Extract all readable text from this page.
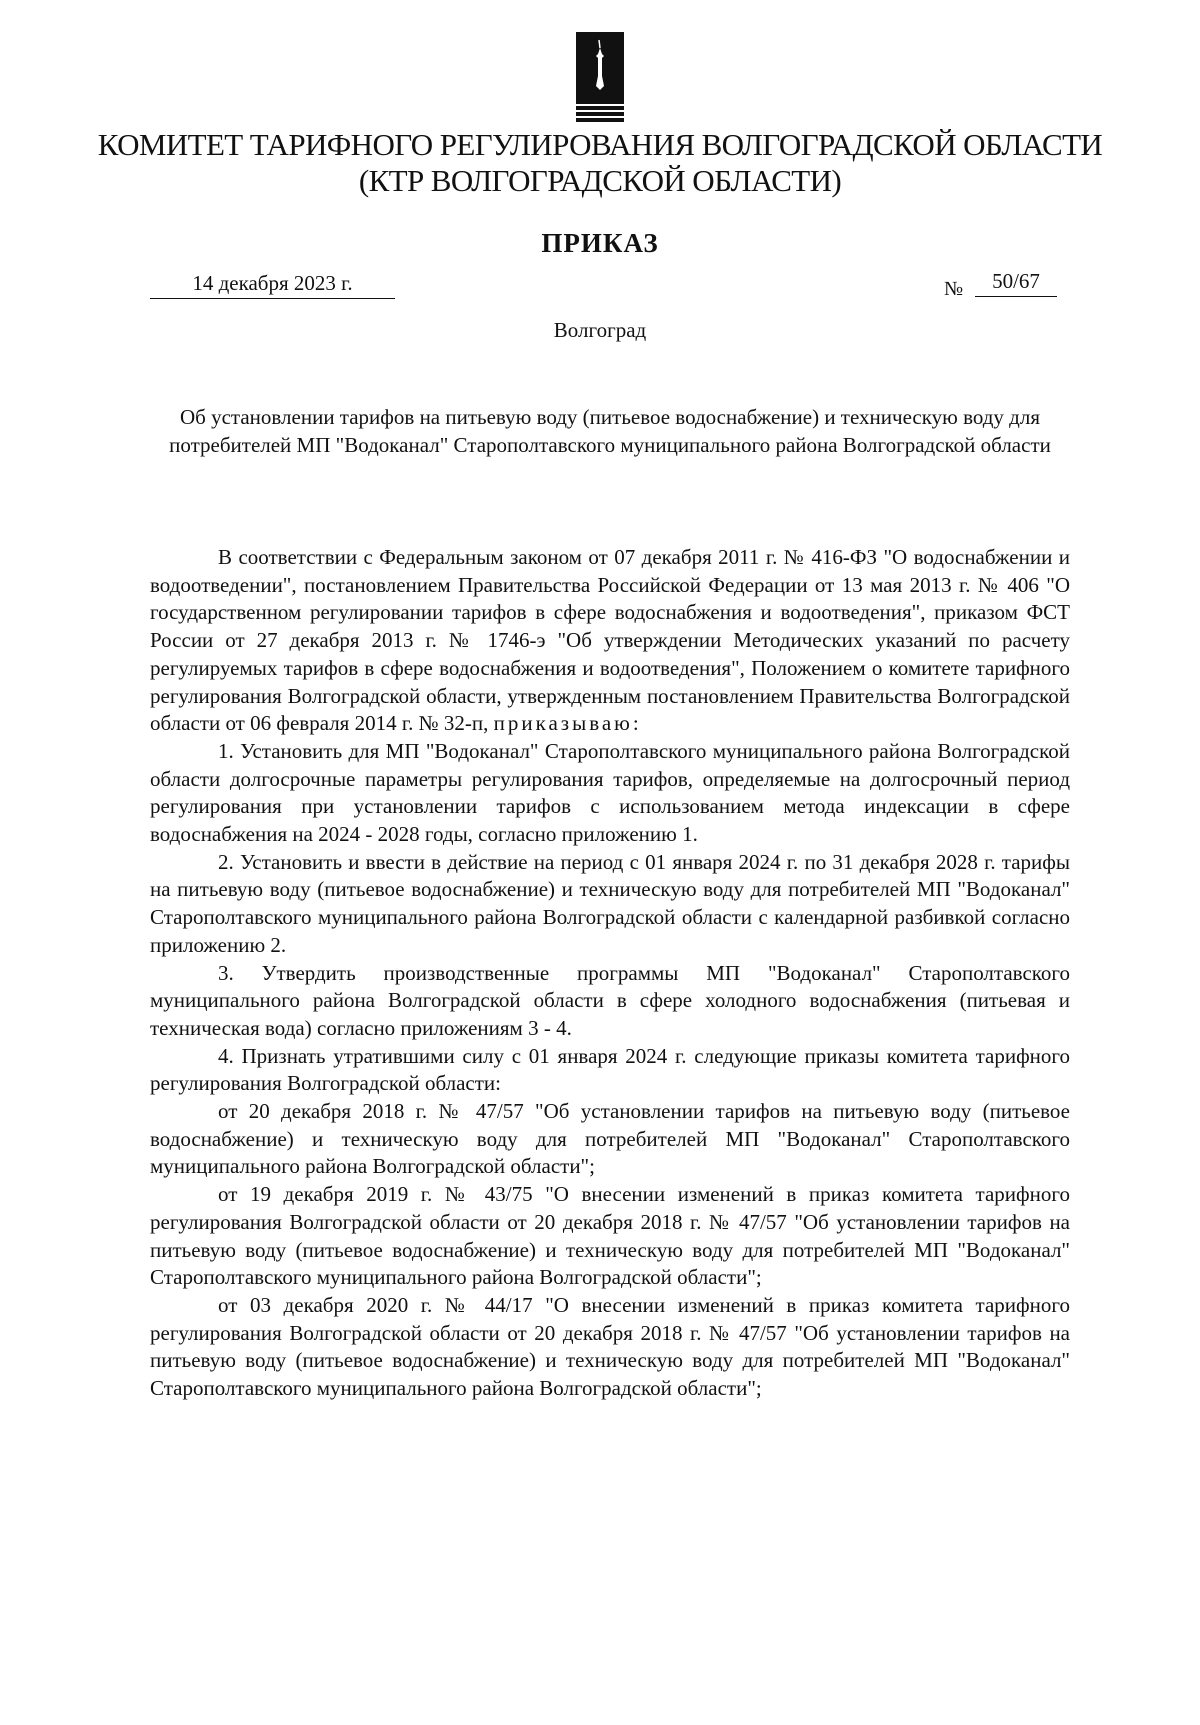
КОМИТЕТ ТАРИФНОГО РЕГУЛИРОВАНИЯ ВОЛГОГРАДСКОЙ ОБЛАСТИ
(КТР ВОЛГОГРАДСКОЙ ОБЛАСТИ)
ПРИКАЗ
14 декабря 2023 г.	№	50/67
Волгоград
Об установлении тарифов на питьевую воду (питьевое водоснабжение) и техническую воду для потребителей МП "Водоканал" Старополтавского муниципального района Волгоградской области

В соответствии с Федеральным законом от 07 декабря 2011 г. № 416-ФЗ "О водоснабжении и водоотведении", постановлением Правительства Российской Федерации от 13 мая 2013 г. № 406 "О государственном регулировании тарифов в сфере водоснабжения и водоотведения", приказом ФСТ России от 27 декабря 2013 г. № 1746-э "Об утверждении Методических указаний по расчету регулируемых тарифов в сфере водоснабжения и водоотведения", Положением о комитете тарифного регулирования Волгоградской области, утвержденным постановлением Правительства Волгоградской области от 06 февраля 2014 г. № 32-п, приказываю:

1. Установить для МП "Водоканал" Старополтавского муниципального района Волгоградской области долгосрочные параметры регулирования тарифов, определяемые на долгосрочный период регулирования при установлении тарифов с использованием метода индексации в сфере водоснабжения на 2024 - 2028 годы, согласно приложению 1.

2. Установить и ввести в действие на период с 01 января 2024 г. по 31 декабря 2028 г. тарифы на питьевую воду (питьевое водоснабжение) и техническую воду для потребителей МП "Водоканал" Старополтавского муниципального района Волгоградской области с календарной разбивкой согласно приложению 2.

3. Утвердить производственные программы МП "Водоканал" Старополтавского муниципального района Волгоградской области в сфере холодного водоснабжения (питьевая и техническая вода) согласно приложениям 3 - 4.

4. Признать утратившими силу с 01 января 2024 г. следующие приказы комитета тарифного регулирования Волгоградской области:

от 20 декабря 2018 г. № 47/57 "Об установлении тарифов на питьевую воду (питьевое водоснабжение) и техническую воду для потребителей МП "Водоканал" Старополтавского муниципального района Волгоградской области";

от 19 декабря 2019 г. № 43/75 "О внесении изменений в приказ комитета тарифного регулирования Волгоградской области от 20 декабря 2018 г. № 47/57 "Об установлении тарифов на питьевую воду (питьевое водоснабжение) и техническую воду для потребителей МП "Водоканал" Старополтавского муниципального района Волгоградской области";

от 03 декабря 2020 г. № 44/17 "О внесении изменений в приказ комитета тарифного регулирования Волгоградской области от 20 декабря 2018 г. № 47/57 "Об установлении тарифов на питьевую воду (питьевое водоснабжение) и техническую воду для потребителей МП "Водоканал" Старополтавского муниципального района Волгоградской области";
